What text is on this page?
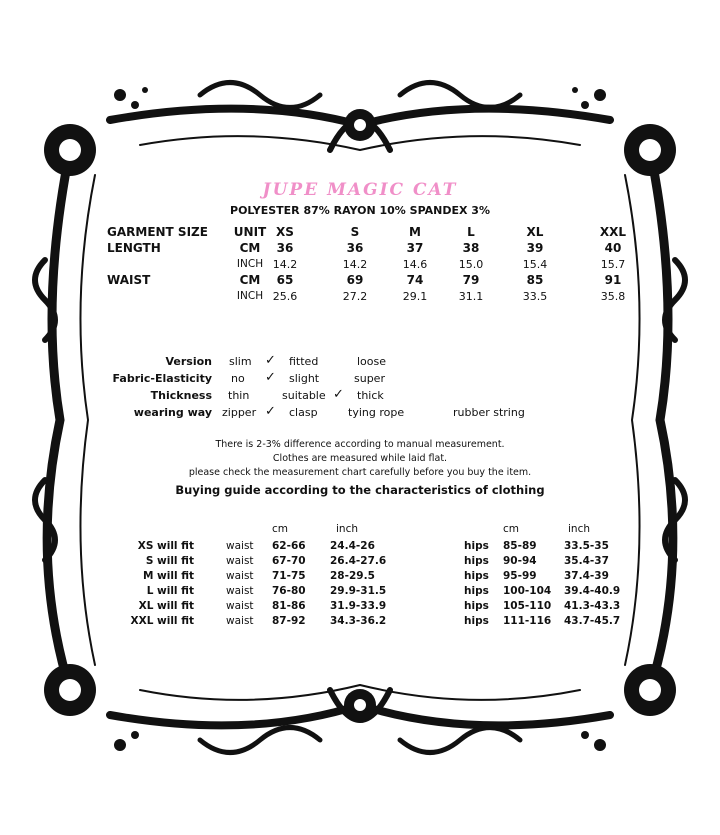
JUPE MAGIC CAT
POLYESTER 87% RAYON 10% SPANDEX 3%
GARMENT SIZE	UNIT XS	S	M	L	XL	XXL
LENGTH	CM	36	36	37	38	39	40
INCH 14.2	14.2	14.6	15.0	15.4	15.7
WAIST	CM	65	69	74	79	85	91
INCH 25.6	27.2	29.1	31.1	33.5	35.8
Version slim ✓ fitted	loose
Fabric-Elasticity no ✓ slight	super
Thickness thin	suitable ✓ thick
wearing way zipper ✓ clasp	tying rope	rubber string
There is 2-3% difference according to manual measurement.
Clothes are measured while laid flat.
please check the measurement chart carefully before you buy the item.
Buying guide according to the characteristics of clothing
cm	inch	cm	inch
XS will fit	waist 62-66 24.4-26	hips 85-89	33.5-35
S will fit	waist 67-70 26.4-27.6	hips 90-94	35.4-37
M will fit	waist 71-75 28-29.5	hips 95-99	37.4-39
L will fit	waist 76-80 29.9-31.5	hips 100-104 39.4-40.9
XL will fit	waist 81-86 31.9-33.9	hips 105-110 41.3-43.3
XXL will fit	waist 87-92 34.3-36.2	hips 111-116 43.7-45.7
